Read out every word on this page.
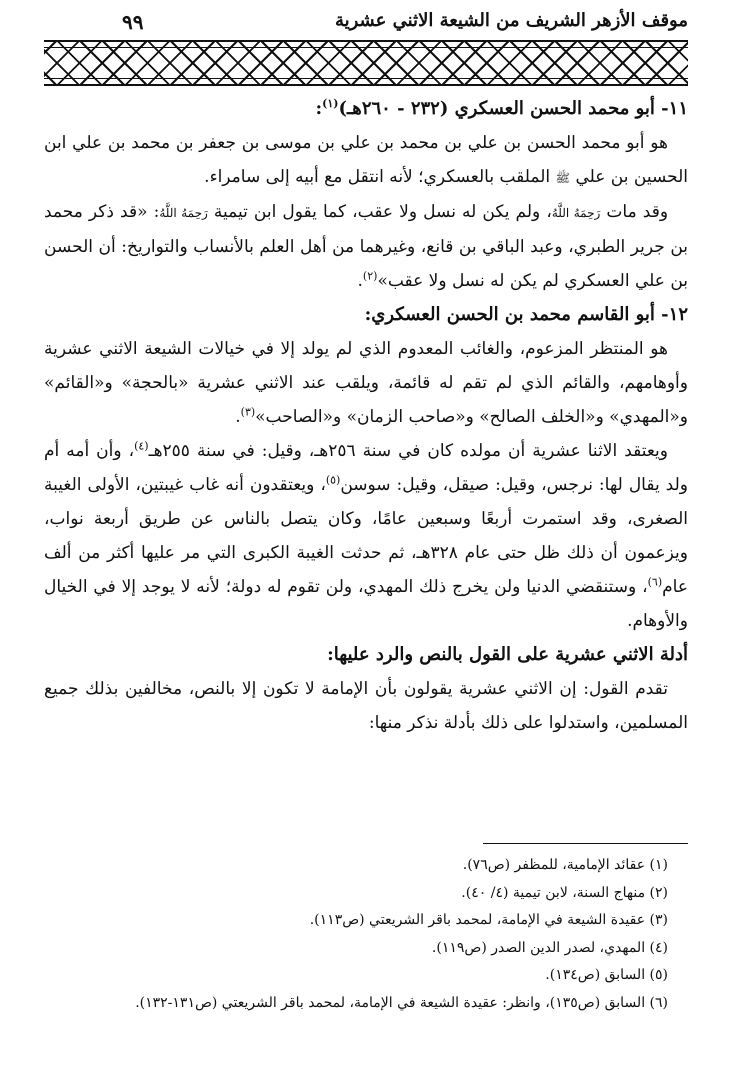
موقف الأزهر الشريف من الشيعة الاثني عشرية
٩٩

١١- أبو محمد الحسن العسكري (٢٣٢ - ٢٦٠هـ)$^{(١)}$:

هو أبو محمد الحسن بن علي بن محمد بن علي بن موسى بن جعفر بن محمد بن علي ابن الحسين بن علي ﷺ الملقب بالعسكري؛ لأنه انتقل مع أبيه إلى سامراء.

وقد مات رَحِمَهُ اللَّهُ، ولم يكن له نسل ولا عقب، كما يقول ابن تيمية رَحِمَهُ اللَّهُ: «قد ذكر محمد بن جرير الطبري، وعبد الباقي بن قانع، وغيرهما من أهل العلم بالأنساب والتواريخ: أن الحسن بن علي العسكري لم يكن له نسل ولا عقب»$^{(٢)}$.

١٢- أبو القاسم محمد بن الحسن العسكري:

هو المنتظر المزعوم، والغائب المعدوم الذي لم يولد إلا في خيالات الشيعة الاثني عشرية وأوهامهم، والقائم الذي لم تقم له قائمة، ويلقب عند الاثني عشرية «بالحجة» و«القائم» و«المهدي» و«الخلف الصالح» و«صاحب الزمان» و«الصاحب»$^{(٣)}$.

ويعتقد الاثنا عشرية أن مولده كان في سنة ٢٥٦هـ، وقيل: في سنة ٢٥٥هـ$^{(٤)}$، وأن أمه أم ولد يقال لها: نرجس، وقيل: صيقل، وقيل: سوسن$^{(٥)}$، ويعتقدون أنه غاب غيبتين، الأولى الغيبة الصغرى، وقد استمرت أربعًا وسبعين عامًا، وكان يتصل بالناس عن طريق أربعة نواب، ويزعمون أن ذلك ظل حتى عام ٣٢٨هـ، ثم حدثت الغيبة الكبرى التي مر عليها أكثر من ألف عام$^{(٦)}$، وستنقضي الدنيا ولن يخرج ذلك المهدي، ولن تقوم له دولة؛ لأنه لا يوجد إلا في الخيال والأوهام.

أدلة الاثني عشرية على القول بالنص والرد عليها:

تقدم القول: إن الاثني عشرية يقولون بأن الإمامة لا تكون إلا بالنص، مخالفين بذلك جميع المسلمين، واستدلوا على ذلك بأدلة نذكر منها:

(١) عقائد الإمامية، للمظفر (ص٧٦).
(٢) منهاج السنة، لابن تيمية (٤/ ٤٠).
(٣) عقيدة الشيعة في الإمامة، لمحمد باقر الشريعتي (ص١١٣).
(٤) المهدي، لصدر الدين الصدر (ص١١٩).
(٥) السابق (ص١٣٤).
(٦) السابق (ص١٣٥)، وانظر: عقيدة الشيعة في الإمامة، لمحمد باقر الشريعتي (ص١٣١-١٣٢).
